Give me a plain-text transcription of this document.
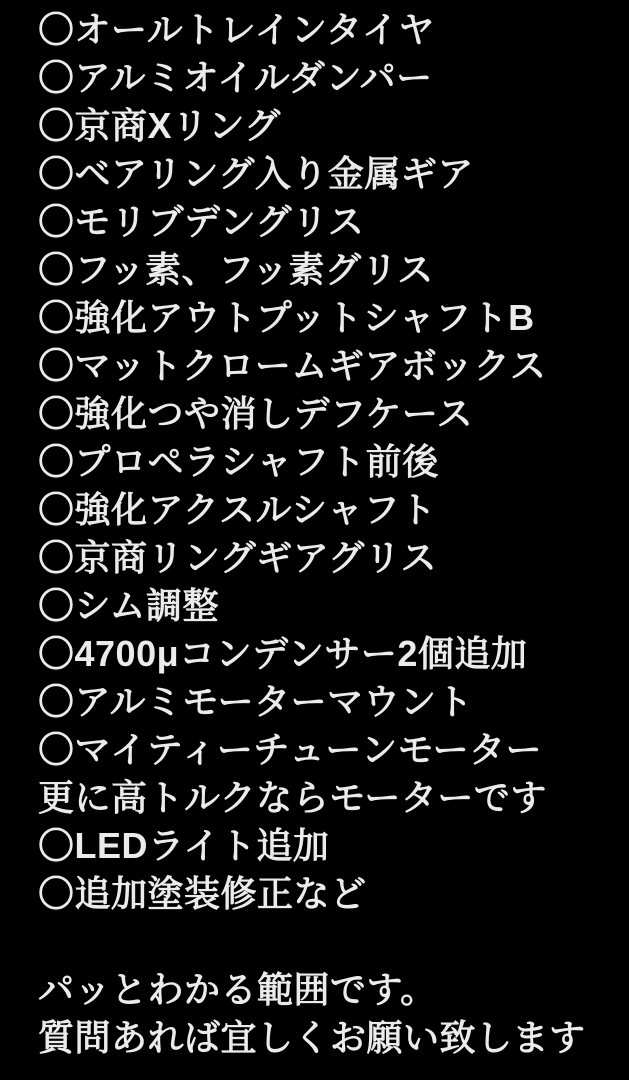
〇オールトレインタイヤ
〇アルミオイルダンパー
〇京商Xリング
〇ベアリング入り金属ギア
〇モリブデングリス
〇フッ素、フッ素グリス
〇強化アウトプットシャフトB
〇マットクロームギアボックス
〇強化つや消しデフケース
〇プロペラシャフト前後
〇強化アクスルシャフト
〇京商リングギアグリス
〇シム調整
〇4700μコンデンサー2個追加
〇アルミモーターマウント
〇マイティーチューンモーター
更に高トルクならモーターです
〇LEDライト追加
〇追加塗装修正など
パッとわかる範囲です。
質問あれば宜しくお願い致します
